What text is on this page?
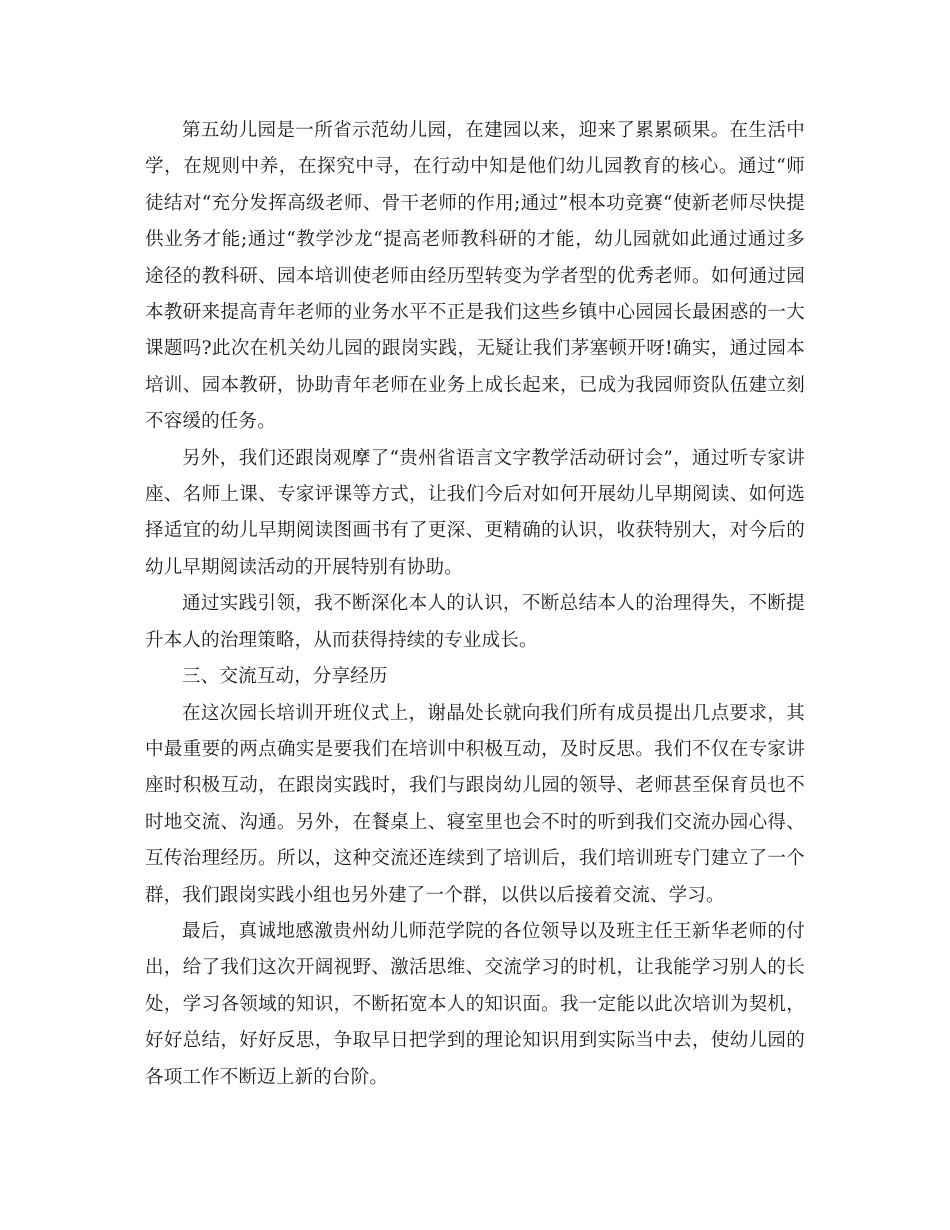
第五幼儿园是一所省示范幼儿园，在建园以来，迎来了累累硕果。在生活中学，在规则中养，在探究中寻，在行动中知是他们幼儿园教育的核心。通过“师徒结对“充分发挥高级老师、骨干老师的作用;通过”根本功竞赛“使新老师尽快提供业务才能;通过“教学沙龙“提高老师教科研的才能，幼儿园就如此通过通过多途径的教科研、园本培训使老师由经历型转变为学者型的优秀老师。如何通过园本教研来提高青年老师的业务水平不正是我们这些乡镇中心园园长最困惑的一大课题吗?此次在机关幼儿园的跟岗实践，无疑让我们茅塞顿开呀!确实，通过园本培训、园本教研，协助青年老师在业务上成长起来，已成为我园师资队伍建立刻不容缓的任务。

另外，我们还跟岗观摩了“贵州省语言文字教学活动研讨会”，通过听专家讲座、名师上课、专家评课等方式，让我们今后对如何开展幼儿早期阅读、如何选择适宜的幼儿早期阅读图画书有了更深、更精确的认识，收获特别大，对今后的幼儿早期阅读活动的开展特别有协助。

通过实践引领，我不断深化本人的认识，不断总结本人的治理得失，不断提升本人的治理策略，从而获得持续的专业成长。

三、交流互动，分享经历

在这次园长培训开班仪式上，谢晶处长就向我们所有成员提出几点要求，其中最重要的两点确实是要我们在培训中积极互动，及时反思。我们不仅在专家讲座时积极互动，在跟岗实践时，我们与跟岗幼儿园的领导、老师甚至保育员也不时地交流、沟通。另外，在餐桌上、寝室里也会不时的听到我们交流办园心得、互传治理经历。所以，这种交流还连续到了培训后，我们培训班专门建立了一个群，我们跟岗实践小组也另外建了一个群，以供以后接着交流、学习。

最后，真诚地感激贵州幼儿师范学院的各位领导以及班主任王新华老师的付出，给了我们这次开阔视野、激活思维、交流学习的时机，让我能学习别人的长处，学习各领域的知识，不断拓宽本人的知识面。我一定能以此次培训为契机，好好总结，好好反思，争取早日把学到的理论知识用到实际当中去，使幼儿园的各项工作不断迈上新的台阶。
